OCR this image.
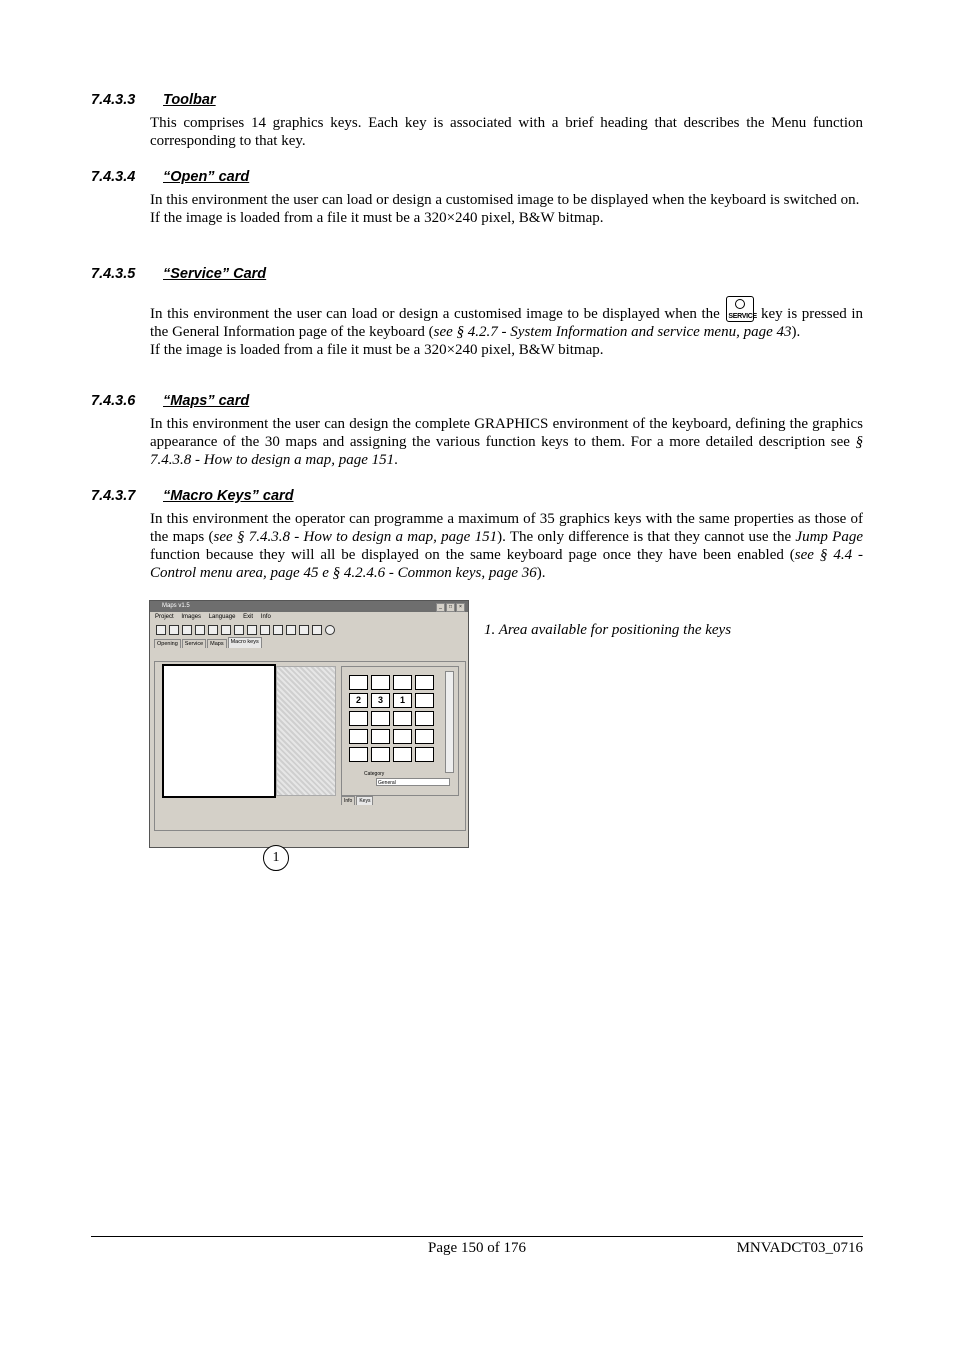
7.4.3.3 Toolbar

This comprises 14 graphics keys. Each key is associated with a brief heading that describes the Menu function corresponding to that key.

7.4.3.4 “Open” card

In this environment the user can load or design a customised image to be displayed when the keyboard is switched on.

If the image is loaded from a file it must be a 320×240 pixel, B&W bitmap.

7.4.3.5 “Service” Card

In this environment the user can load or design a customised image to be displayed when the SERVICE key is pressed in the General Information page of the keyboard (see § 4.2.7 - System Information and service menu, page 43).

If the image is loaded from a file it must be a 320×240 pixel, B&W bitmap.

7.4.3.6 “Maps” card

In this environment the user can design the complete GRAPHICS environment of the keyboard, defining the graphics appearance of the 30 maps and assigning the various function keys to them. For a more detailed description see § 7.4.3.8 - How to design a map, page 151.

7.4.3.7 “Macro Keys” card

In this environment the operator can programme a maximum of 35 graphics keys with the same properties as those of the maps (see § 7.4.3.8 - How to design a map, page 151). The only difference is that they cannot use the Jump Page function because they will all be displayed on the same keyboard page once they have been enabled (see § 4.4 - Control menu area, page 45 e § 4.2.4.6 - Common keys, page 36).

Maps v1.5	_ □ ×
Project Images Language Exit Info
Opening	Service	Maps	Macro keys
2	3	1
Category
General
Info	Keys
1
1. Area available for positioning the keys
Page 150 of 176	MNVADCT03_0716
